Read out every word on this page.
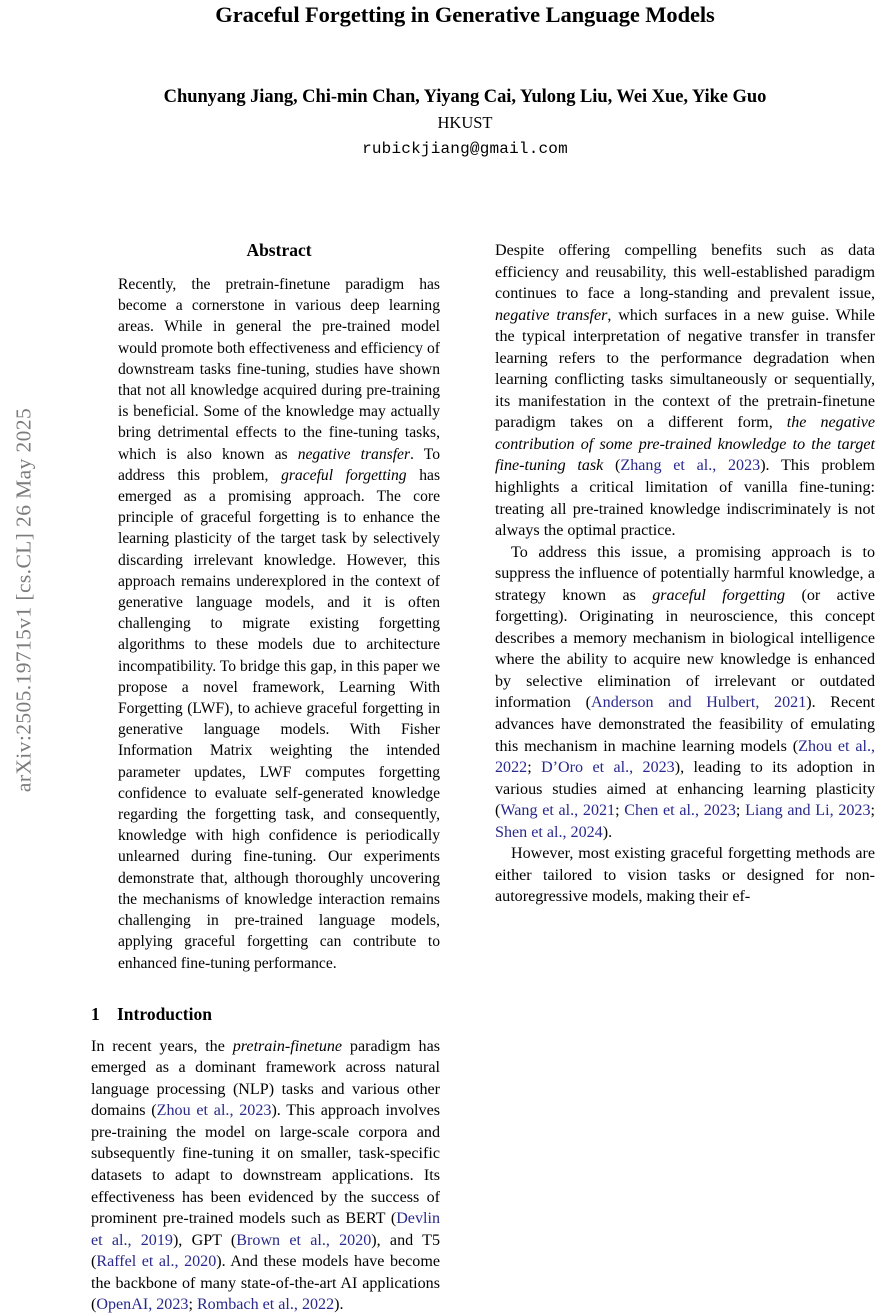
arXiv:2505.19715v1 [cs.CL] 26 May 2025
Graceful Forgetting in Generative Language Models
Chunyang Jiang, Chi-min Chan, Yiyang Cai, Yulong Liu, Wei Xue, Yike Guo
HKUST
rubickjiang@gmail.com
Abstract

Recently, the pretrain-finetune paradigm has become a cornerstone in various deep learning areas. While in general the pre-trained model would promote both effectiveness and efficiency of downstream tasks fine-tuning, studies have shown that not all knowledge acquired during pre-training is beneficial. Some of the knowledge may actually bring detrimental effects to the fine-tuning tasks, which is also known as negative transfer. To address this problem, graceful forgetting has emerged as a promising approach. The core principle of graceful forgetting is to enhance the learning plasticity of the target task by selectively discarding irrelevant knowledge. However, this approach remains underexplored in the context of generative language models, and it is often challenging to migrate existing forgetting algorithms to these models due to architecture incompatibility. To bridge this gap, in this paper we propose a novel framework, Learning With Forgetting (LWF), to achieve graceful forgetting in generative language models. With Fisher Information Matrix weighting the intended parameter updates, LWF computes forgetting confidence to evaluate self-generated knowledge regarding the forgetting task, and consequently, knowledge with high confidence is periodically unlearned during fine-tuning. Our experiments demonstrate that, although thoroughly uncovering the mechanisms of knowledge interaction remains challenging in pre-trained language models, applying graceful forgetting can contribute to enhanced fine-tuning performance.

1 Introduction

In recent years, the pretrain-finetune paradigm has emerged as a dominant framework across natural language processing (NLP) tasks and various other domains (Zhou et al., 2023). This approach involves pre-training the model on large-scale corpora and subsequently fine-tuning it on smaller, task-specific datasets to adapt to downstream applications. Its effectiveness has been evidenced by the success of prominent pre-trained models such as BERT (Devlin et al., 2019), GPT (Brown et al., 2020), and T5 (Raffel et al., 2020). And these models have become the backbone of many state-of-the-art AI applications (OpenAI, 2023; Rombach et al., 2022).

Despite offering compelling benefits such as data efficiency and reusability, this well-established paradigm continues to face a long-standing and prevalent issue, negative transfer, which surfaces in a new guise. While the typical interpretation of negative transfer in transfer learning refers to the performance degradation when learning conflicting tasks simultaneously or sequentially, its manifestation in the context of the pretrain-finetune paradigm takes on a different form, the negative contribution of some pre-trained knowledge to the target fine-tuning task (Zhang et al., 2023). This problem highlights a critical limitation of vanilla fine-tuning: treating all pre-trained knowledge indiscriminately is not always the optimal practice.

To address this issue, a promising approach is to suppress the influence of potentially harmful knowledge, a strategy known as graceful forgetting (or active forgetting). Originating in neuroscience, this concept describes a memory mechanism in biological intelligence where the ability to acquire new knowledge is enhanced by selective elimination of irrelevant or outdated information (Anderson and Hulbert, 2021). Recent advances have demonstrated the feasibility of emulating this mechanism in machine learning models (Zhou et al., 2022; D’Oro et al., 2023), leading to its adoption in various studies aimed at enhancing learning plasticity (Wang et al., 2021; Chen et al., 2023; Liang and Li, 2023; Shen et al., 2024).

However, most existing graceful forgetting methods are either tailored to vision tasks or designed for non-autoregressive models, making their ef-
